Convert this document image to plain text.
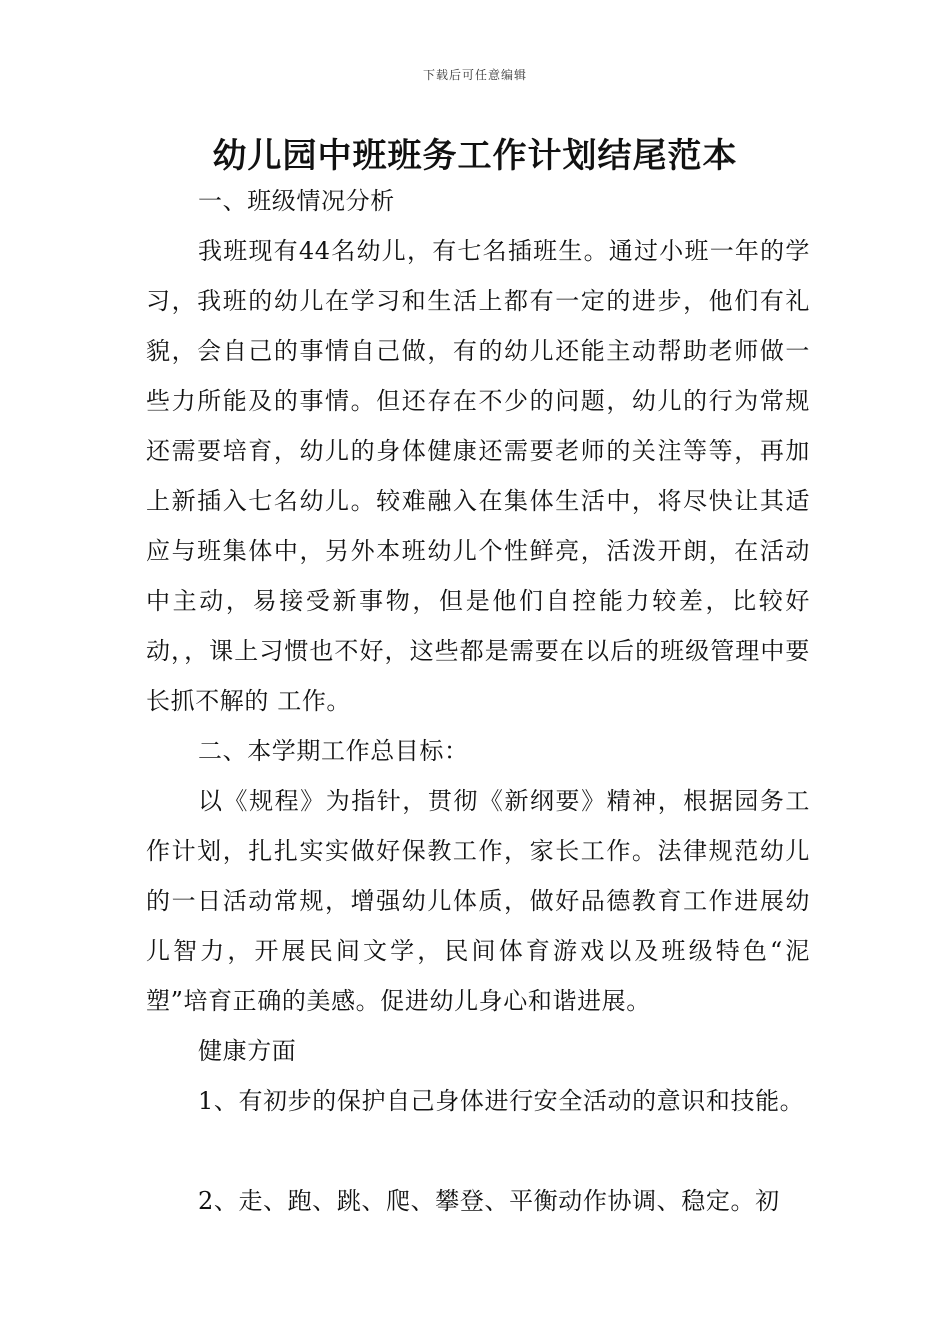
下载后可任意编辑
幼儿园中班班务工作计划结尾范本

一、班级情况分析

我班现有44名幼儿，有七名插班生。通过小班一年的学习，我班的幼儿在学习和生活上都有一定的进步，他们有礼貌，会自己的事情自己做，有的幼儿还能主动帮助老师做一些力所能及的事情。但还存在不少的问题，幼儿的行为常规还需要培育，幼儿的身体健康还需要老师的关注等等，再加上新插入七名幼儿。较难融入在集体生活中，将尽快让其适应与班集体中，另外本班幼儿个性鲜亮，活泼开朗，在活动中主动，易接受新事物，但是他们自控能力较差，比较好动，，课上习惯也不好，这些都是需要在以后的班级管理中要长抓不解的 工作。

二、本学期工作总目标：

以《规程》为指针，贯彻《新纲要》精神，根据园务工作计划，扎扎实实做好保教工作，家长工作。法律规范幼儿的一日活动常规，增强幼儿体质，做好品德教育工作进展幼儿智力，开展民间文学，民间体育游戏以及班级特色“泥塑”培育正确的美感。促进幼儿身心和谐进展。

健康方面

1、有初步的保护自己身体进行安全活动的意识和技能。

2、走、跑、跳、爬、攀登、平衡动作协调、稳定。初
